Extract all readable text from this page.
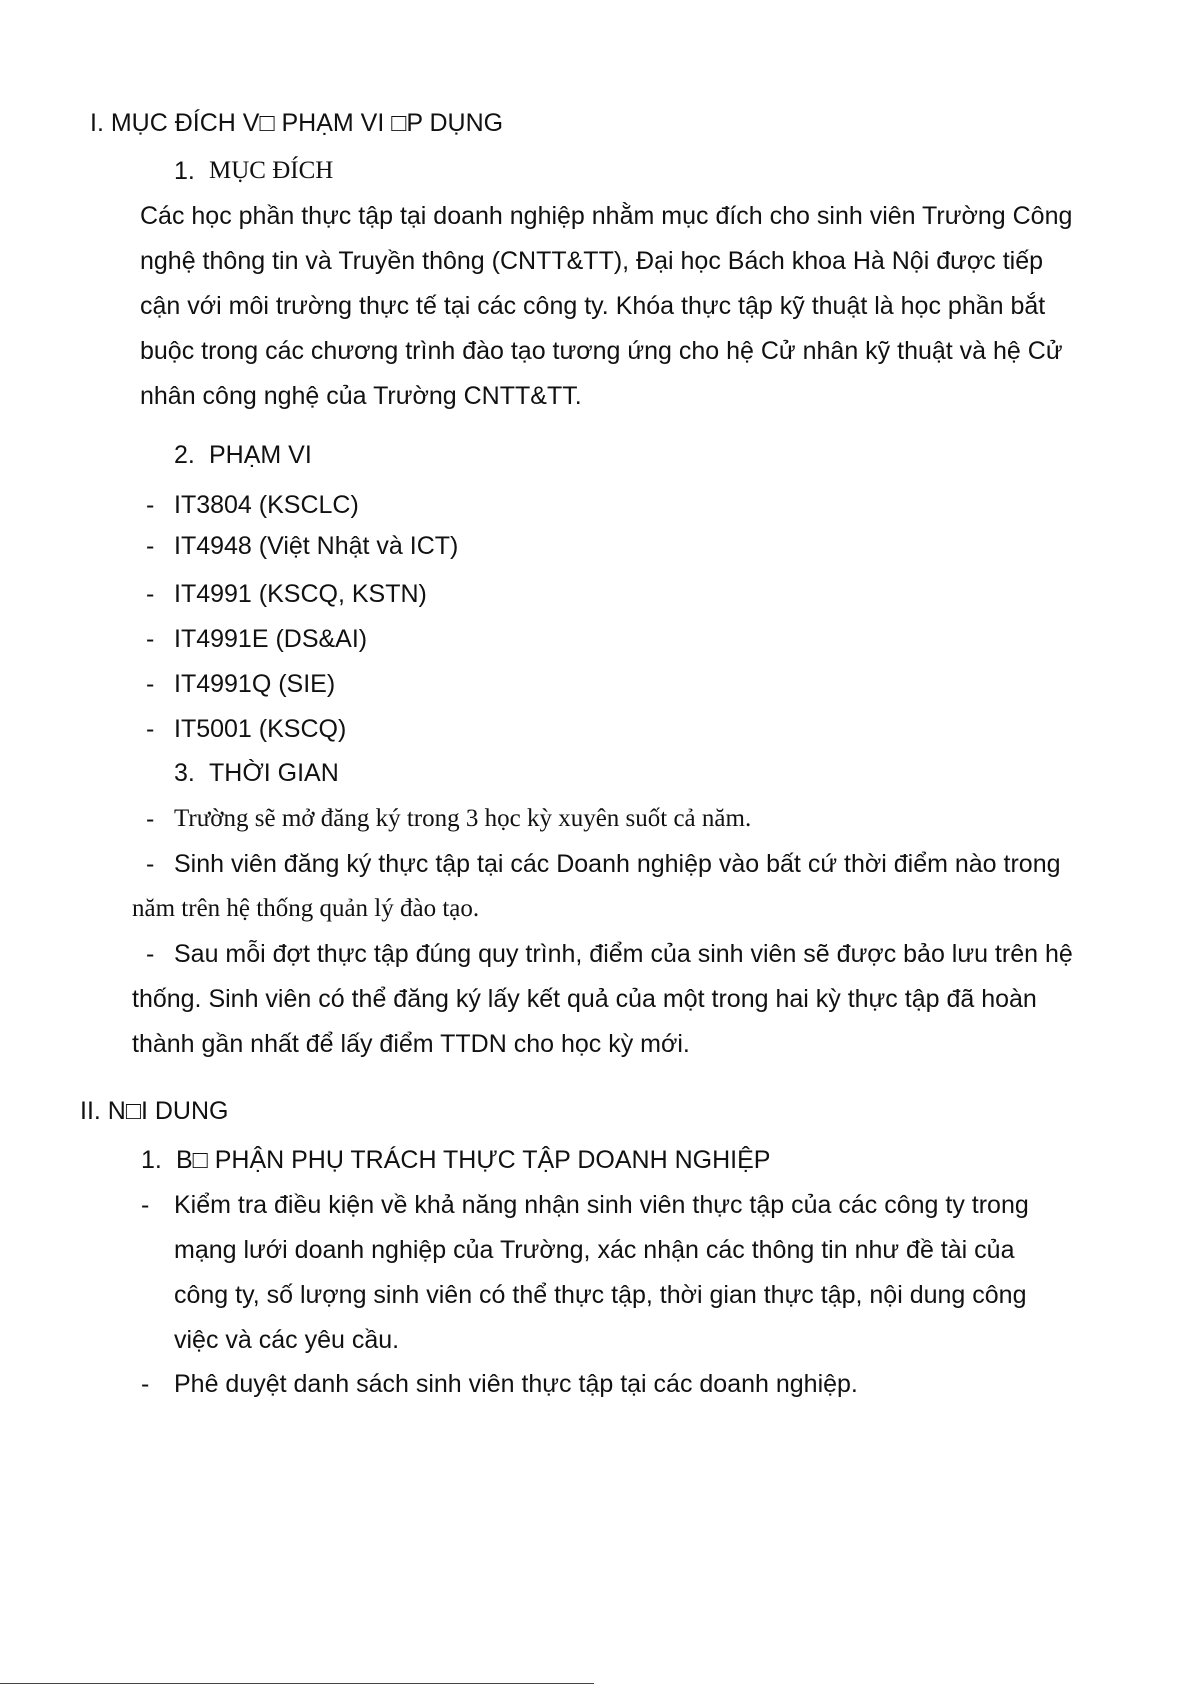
I. MỤC ĐÍCH V□ PHẠM VI □P DỤNG
1. MỤC ĐÍCH
Các học phần thực tập tại doanh nghiệp nhằm mục đích cho sinh viên Trường Công
nghệ thông tin và Truyền thông (CNTT&TT), Đại học Bách khoa Hà Nội được tiếp
cận với môi trường thực tế tại các công ty. Khóa thực tập kỹ thuật là học phần bắt
buộc trong các chương trình đào tạo tương ứng cho hệ Cử nhân kỹ thuật và hệ Cử
nhân công nghệ của Trường CNTT&TT.
2. PHẠM VI
- IT3804 (KSCLC)
- IT4948 (Việt Nhật và ICT)
- IT4991 (KSCQ, KSTN)
- IT4991E (DS&AI)
- IT4991Q (SIE)
- IT5001 (KSCQ)
3. THỜI GIAN
- Trường sẽ mở đăng ký trong 3 học kỳ xuyên suốt cả năm.
- Sinh viên đăng ký thực tập tại các Doanh nghiệp vào bất cứ thời điểm nào trong
năm trên hệ thống quản lý đào tạo.
- Sau mỗi đợt thực tập đúng quy trình, điểm của sinh viên sẽ được bảo lưu trên hệ
thống. Sinh viên có thể đăng ký lấy kết quả của một trong hai kỳ thực tập đã hoàn
thành gần nhất để lấy điểm TTDN cho học kỳ mới.
II. N□I DUNG
1. B□ PHẬN PHỤ TRÁCH THỰC TẬP DOANH NGHIỆP
- Kiểm tra điều kiện về khả năng nhận sinh viên thực tập của các công ty trong
mạng lưới doanh nghiệp của Trường, xác nhận các thông tin như đề tài của
công ty, số lượng sinh viên có thể thực tập, thời gian thực tập, nội dung công
việc và các yêu cầu.
- Phê duyệt danh sách sinh viên thực tập tại các doanh nghiệp.
